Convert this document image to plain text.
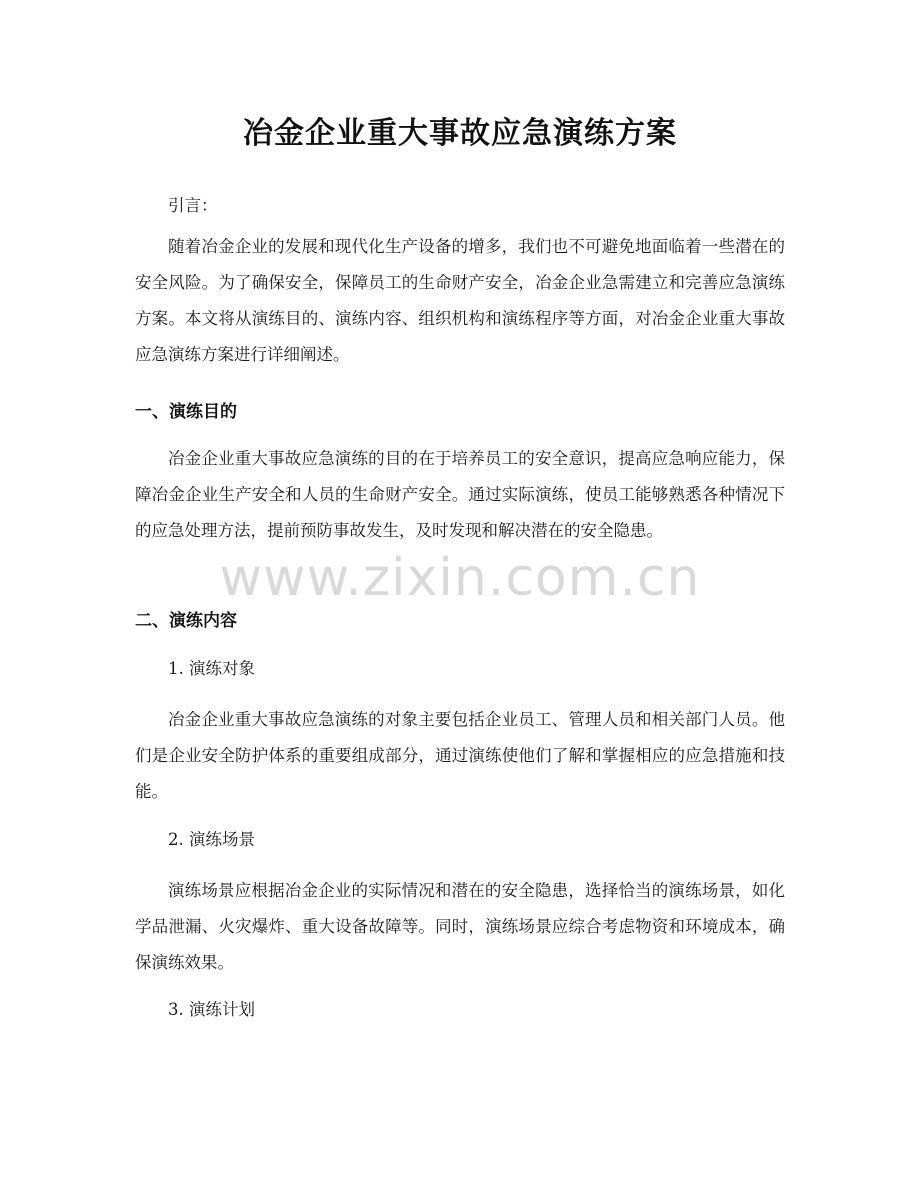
冶金企业重大事故应急演练方案

引言：

随着冶金企业的发展和现代化生产设备的增多，我们也不可避免地面临着一些潜在的安全风险。为了确保安全，保障员工的生命财产安全，冶金企业急需建立和完善应急演练方案。本文将从演练目的、演练内容、组织机构和演练程序等方面，对冶金企业重大事故应急演练方案进行详细阐述。

一、演练目的

冶金企业重大事故应急演练的目的在于培养员工的安全意识，提高应急响应能力，保障冶金企业生产安全和人员的生命财产安全。通过实际演练，使员工能够熟悉各种情况下的应急处理方法，提前预防事故发生，及时发现和解决潜在的安全隐患。

www.zixin.com.cn
二、演练内容

1. 演练对象

冶金企业重大事故应急演练的对象主要包括企业员工、管理人员和相关部门人员。他们是企业安全防护体系的重要组成部分，通过演练使他们了解和掌握相应的应急措施和技能。

2. 演练场景

演练场景应根据冶金企业的实际情况和潜在的安全隐患，选择恰当的演练场景，如化学品泄漏、火灾爆炸、重大设备故障等。同时，演练场景应综合考虑物资和环境成本，确保演练效果。

3. 演练计划
